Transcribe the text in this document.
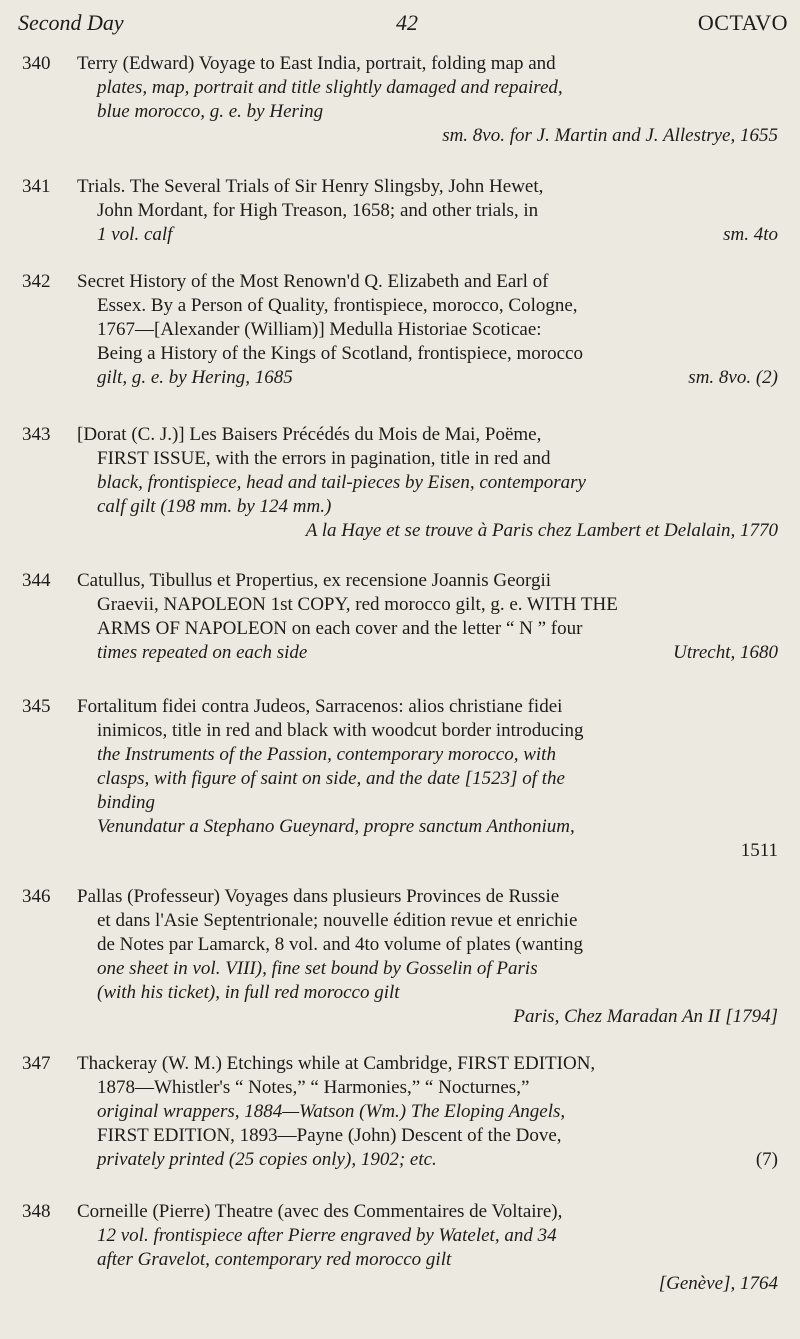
Second Day	42	OCTAVO
340	Terry (Edward) Voyage to East India, portrait, folding map and
plates, map, portrait and title slightly damaged and repaired,
blue morocco, g. e. by Hering
sm. 8vo. for J. Martin and J. Allestrye, 1655
341	Trials. The Several Trials of Sir Henry Slingsby, John Hewet,
John Mordant, for High Treason, 1658; and other trials, in
1 vol. calf	sm. 4to
342	Secret History of the Most Renown'd Q. Elizabeth and Earl of
Essex. By a Person of Quality, frontispiece, morocco, Cologne,
1767—[Alexander (William)] Medulla Historiae Scoticae:
Being a History of the Kings of Scotland, frontispiece, morocco
gilt, g. e. by Hering, 1685	sm. 8vo. (2)
343	[Dorat (C. J.)] Les Baisers Précédés du Mois de Mai, Poëme,
FIRST ISSUE, with the errors in pagination, title in red and
black, frontispiece, head and tail-pieces by Eisen, contemporary
calf gilt (198 mm. by 124 mm.)
A la Haye et se trouve à Paris chez Lambert et Delalain, 1770
344	Catullus, Tibullus et Propertius, ex recensione Joannis Georgii
Graevii, NAPOLEON 1st COPY, red morocco gilt, g. e. WITH THE
ARMS OF NAPOLEON on each cover and the letter “ N ” four
times repeated on each side	Utrecht, 1680
345	Fortalitum fidei contra Judeos, Sarracenos: alios christiane fidei
inimicos, title in red and black with woodcut border introducing
the Instruments of the Passion, contemporary morocco, with
clasps, with figure of saint on side, and the date [1523] of the
binding
Venundatur a Stephano Gueynard, propre sanctum Anthonium,
1511
346	Pallas (Professeur) Voyages dans plusieurs Provinces de Russie
et dans l'Asie Septentrionale; nouvelle édition revue et enrichie
de Notes par Lamarck, 8 vol. and 4to volume of plates (wanting
one sheet in vol. VIII), fine set bound by Gosselin of Paris
(with his ticket), in full red morocco gilt
Paris, Chez Maradan An II [1794]
347	Thackeray (W. M.) Etchings while at Cambridge, FIRST EDITION,
1878—Whistler's “ Notes,” “ Harmonies,” “ Nocturnes,”
original wrappers, 1884—Watson (Wm.) The Eloping Angels,
FIRST EDITION, 1893—Payne (John) Descent of the Dove,
privately printed (25 copies only), 1902; etc.	(7)
348	Corneille (Pierre) Theatre (avec des Commentaires de Voltaire),
12 vol. frontispiece after Pierre engraved by Watelet, and 34
after Gravelot, contemporary red morocco gilt
[Genève], 1764
